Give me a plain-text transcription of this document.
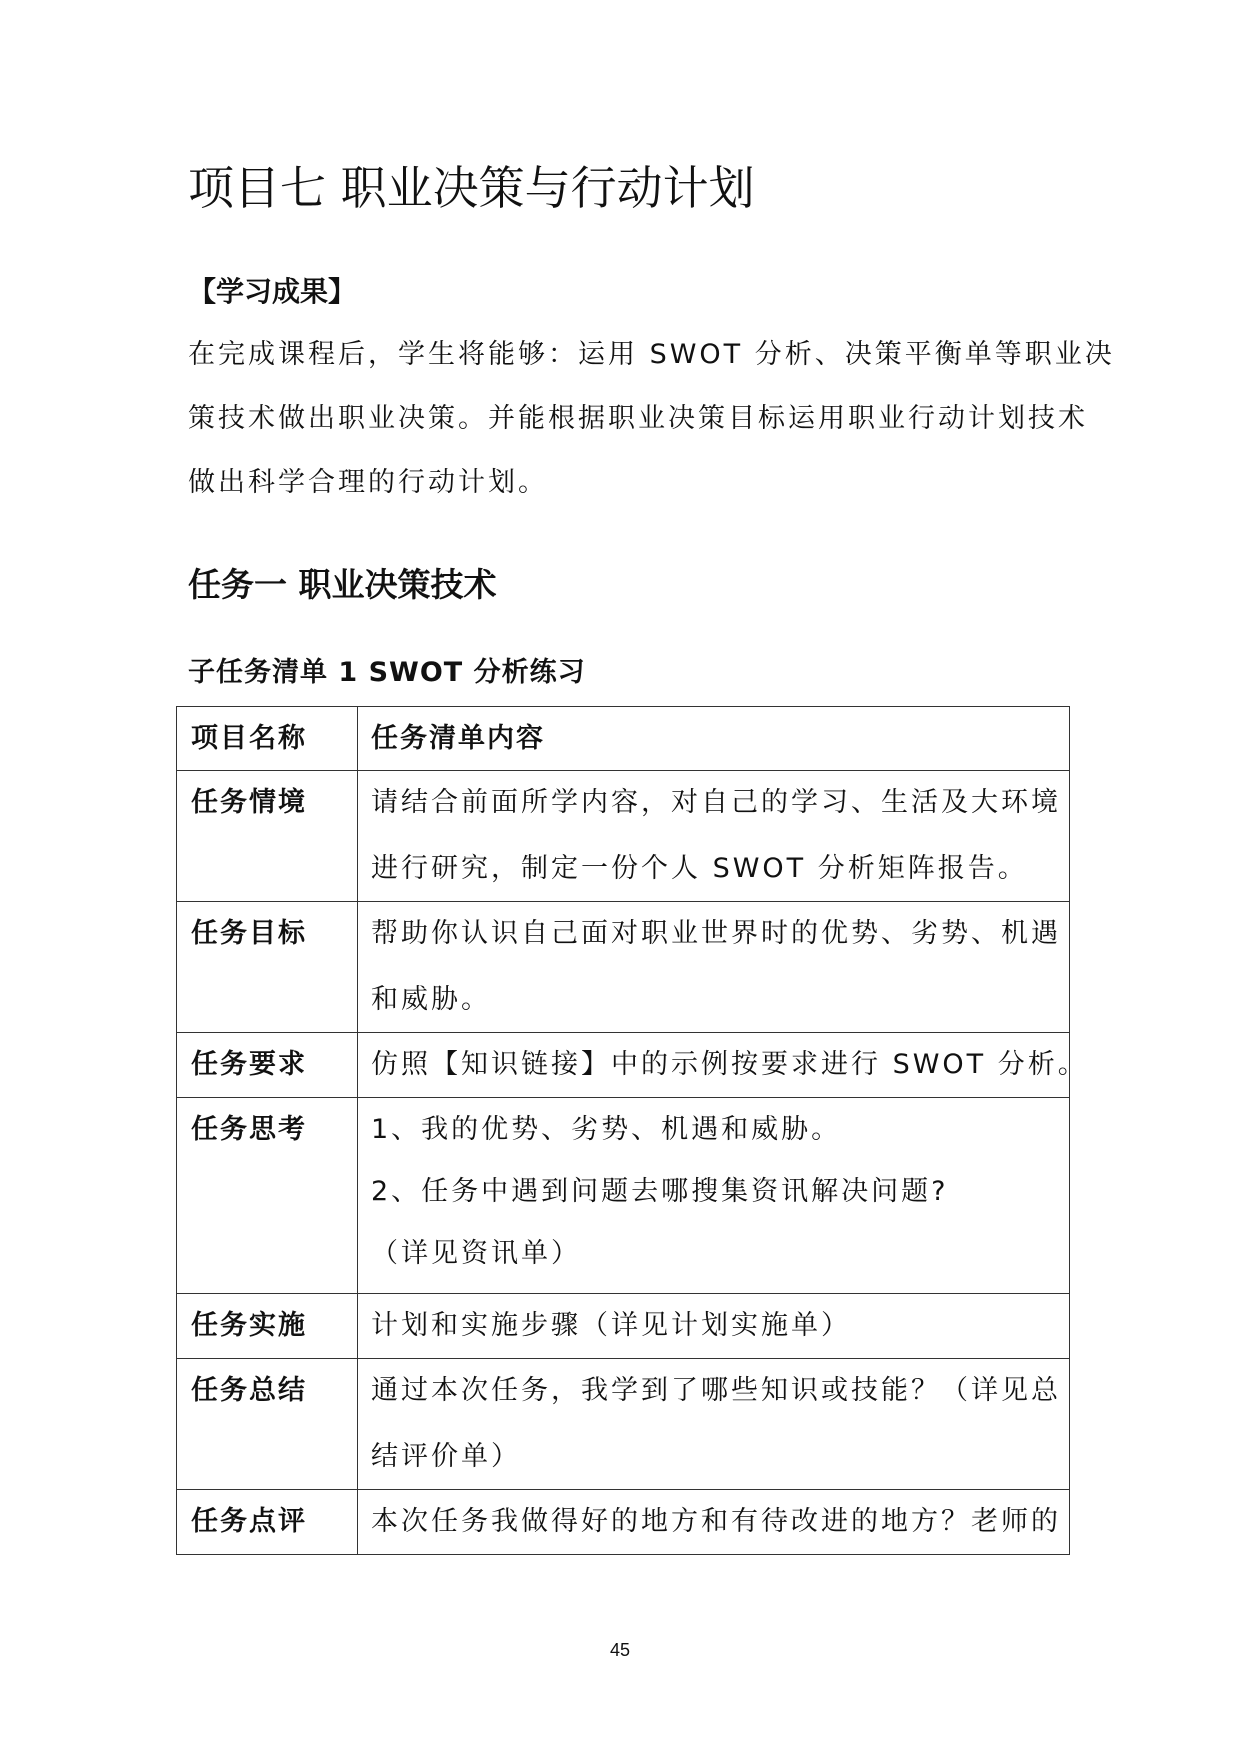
项目七 职业决策与行动计划
【学习成果】
在完成课程后，学生将能够：运用 SWOT 分析、决策平衡单等职业决
策技术做出职业决策。并能根据职业决策目标运用职业行动计划技术
做出科学合理的行动计划。
任务一 职业决策技术
子任务清单 1 SWOT 分析练习
项目名称	任务清单内容

任务情境	请结合前面所学内容，对自己的学习、生活及大环境
进行研究，制定一份个人 SWOT 分析矩阵报告。

任务目标	帮助你认识自己面对职业世界时的优势、劣势、机遇
和威胁。

任务要求	仿照【知识链接】中的示例按要求进行 SWOT 分析。

任务思考	1、我的优势、劣势、机遇和威胁。
2、任务中遇到问题去哪搜集资讯解决问题?
（详见资讯单）

任务实施	计划和实施步骤（详见计划实施单）

任务总结	通过本次任务，我学到了哪些知识或技能？（详见总
结评价单）

任务点评	本次任务我做得好的地方和有待改进的地方？老师的
45
